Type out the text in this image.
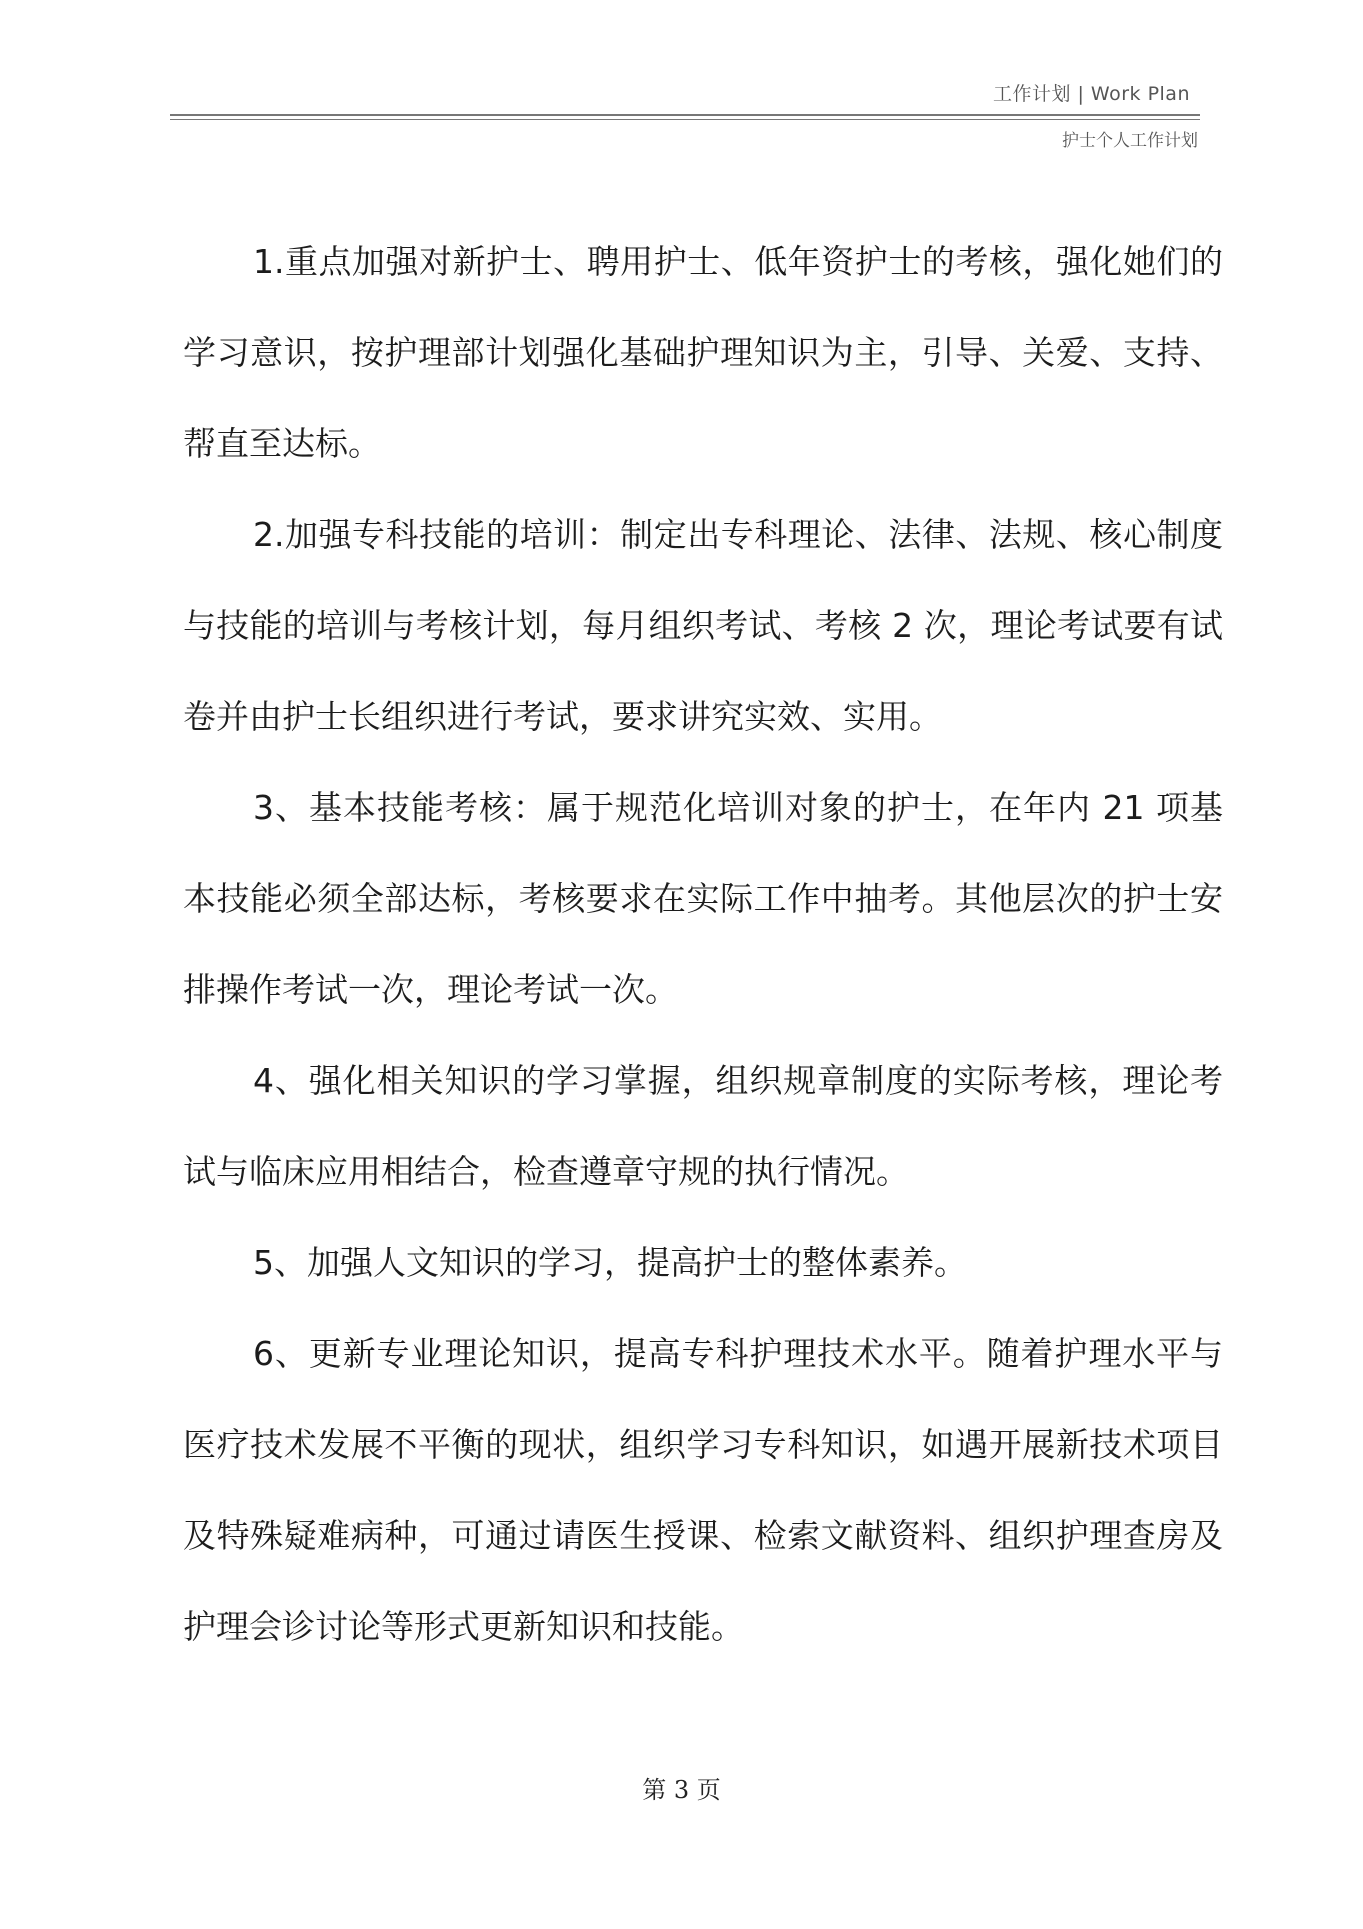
工作计划 | Work Plan
护士个人工作计划

1.重点加强对新护士、聘用护士、低年资护士的考核，强化她们的学习意识，按护理部计划强化基础护理知识为主，引导、关爱、支持、帮直至达标。

2.加强专科技能的培训：制定出专科理论、法律、法规、核心制度与技能的培训与考核计划，每月组织考试、考核 2 次，理论考试要有试卷并由护士长组织进行考试，要求讲究实效、实用。

3、基本技能考核：属于规范化培训对象的护士，在年内 21 项基本技能必须全部达标，考核要求在实际工作中抽考。其他层次的护士安排操作考试一次，理论考试一次。

4、强化相关知识的学习掌握，组织规章制度的实际考核，理论考试与临床应用相结合，检查遵章守规的执行情况。

5、加强人文知识的学习，提高护士的整体素养。

6、更新专业理论知识，提高专科护理技术水平。随着护理水平与医疗技术发展不平衡的现状，组织学习专科知识，如遇开展新技术项目及特殊疑难病种，可通过请医生授课、检索文献资料、组织护理查房及护理会诊讨论等形式更新知识和技能。

第 3 页
